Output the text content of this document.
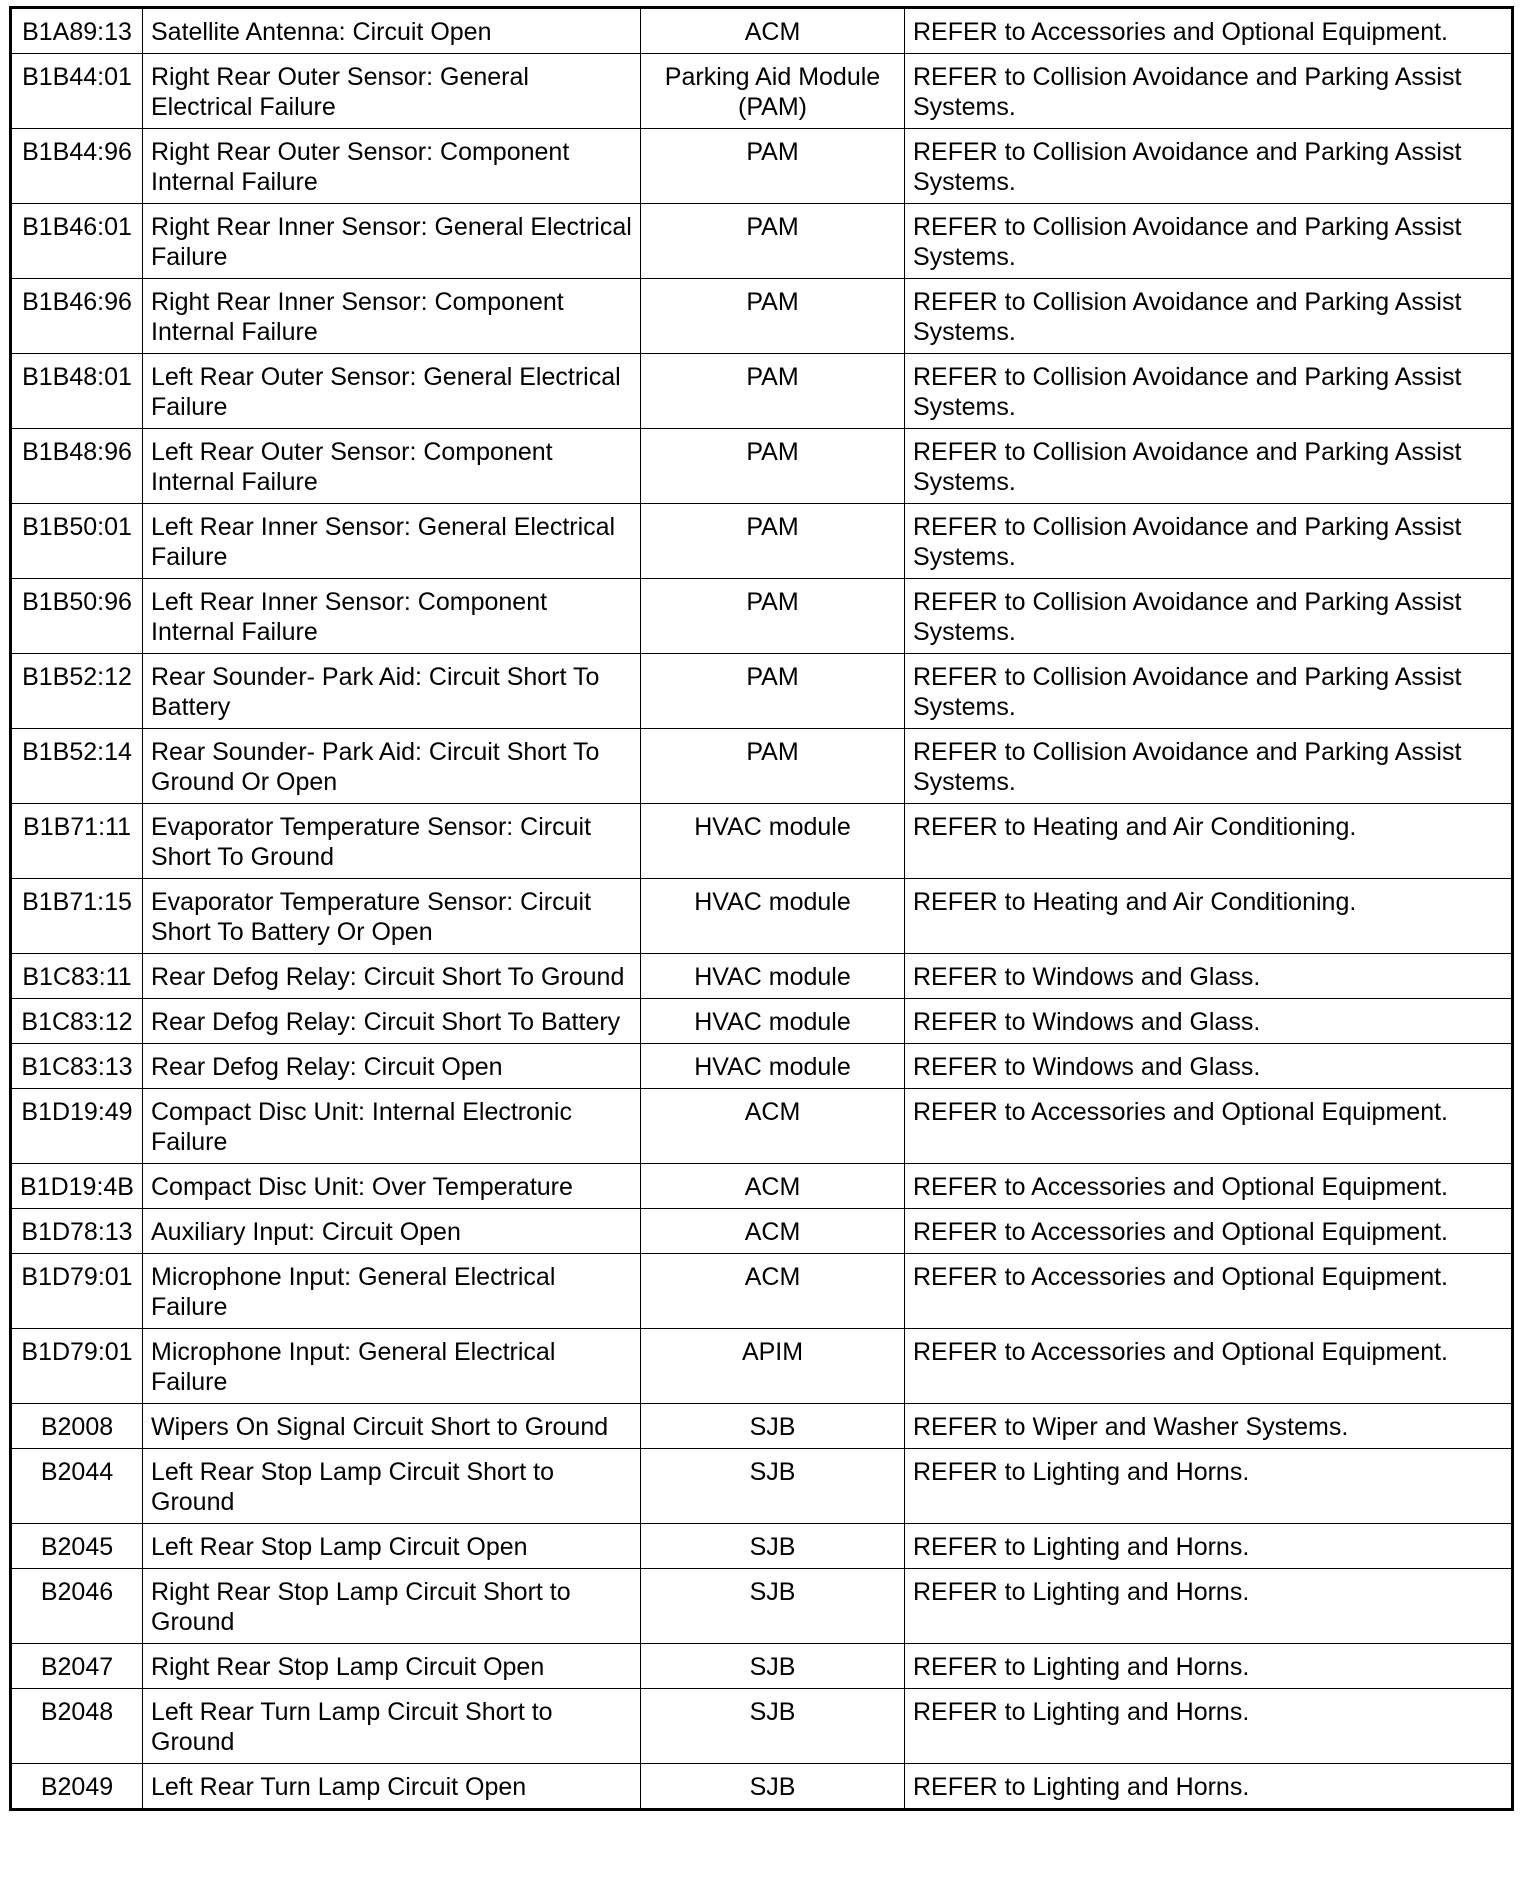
B1A89:13	Satellite Antenna: Circuit Open	ACM	REFER to Accessories and Optional Equipment.
B1B44:01	Right Rear Outer Sensor: General Electrical Failure	Parking Aid Module (PAM)	REFER to Collision Avoidance and Parking Assist Systems.
B1B44:96	Right Rear Outer Sensor: Component Internal Failure	PAM	REFER to Collision Avoidance and Parking Assist Systems.
B1B46:01	Right Rear Inner Sensor: General Electrical Failure	PAM	REFER to Collision Avoidance and Parking Assist Systems.
B1B46:96	Right Rear Inner Sensor: Component Internal Failure	PAM	REFER to Collision Avoidance and Parking Assist Systems.
B1B48:01	Left Rear Outer Sensor: General Electrical Failure	PAM	REFER to Collision Avoidance and Parking Assist Systems.
B1B48:96	Left Rear Outer Sensor: Component Internal Failure	PAM	REFER to Collision Avoidance and Parking Assist Systems.
B1B50:01	Left Rear Inner Sensor: General Electrical Failure	PAM	REFER to Collision Avoidance and Parking Assist Systems.
B1B50:96	Left Rear Inner Sensor: Component Internal Failure	PAM	REFER to Collision Avoidance and Parking Assist Systems.
B1B52:12	Rear Sounder- Park Aid: Circuit Short To Battery	PAM	REFER to Collision Avoidance and Parking Assist Systems.
B1B52:14	Rear Sounder- Park Aid: Circuit Short To Ground Or Open	PAM	REFER to Collision Avoidance and Parking Assist Systems.
B1B71:11	Evaporator Temperature Sensor: Circuit Short To Ground	HVAC module	REFER to Heating and Air Conditioning.
B1B71:15	Evaporator Temperature Sensor: Circuit Short To Battery Or Open	HVAC module	REFER to Heating and Air Conditioning.
B1C83:11	Rear Defog Relay: Circuit Short To Ground	HVAC module	REFER to Windows and Glass.
B1C83:12	Rear Defog Relay: Circuit Short To Battery	HVAC module	REFER to Windows and Glass.
B1C83:13	Rear Defog Relay: Circuit Open	HVAC module	REFER to Windows and Glass.
B1D19:49	Compact Disc Unit: Internal Electronic Failure	ACM	REFER to Accessories and Optional Equipment.
B1D19:4B	Compact Disc Unit: Over Temperature	ACM	REFER to Accessories and Optional Equipment.
B1D78:13	Auxiliary Input: Circuit Open	ACM	REFER to Accessories and Optional Equipment.
B1D79:01	Microphone Input: General Electrical Failure	ACM	REFER to Accessories and Optional Equipment.
B1D79:01	Microphone Input: General Electrical Failure	APIM	REFER to Accessories and Optional Equipment.
B2008	Wipers On Signal Circuit Short to Ground	SJB	REFER to Wiper and Washer Systems.
B2044	Left Rear Stop Lamp Circuit Short to Ground	SJB	REFER to Lighting and Horns.
B2045	Left Rear Stop Lamp Circuit Open	SJB	REFER to Lighting and Horns.
B2046	Right Rear Stop Lamp Circuit Short to Ground	SJB	REFER to Lighting and Horns.
B2047	Right Rear Stop Lamp Circuit Open	SJB	REFER to Lighting and Horns.
B2048	Left Rear Turn Lamp Circuit Short to Ground	SJB	REFER to Lighting and Horns.
B2049	Left Rear Turn Lamp Circuit Open	SJB	REFER to Lighting and Horns.
